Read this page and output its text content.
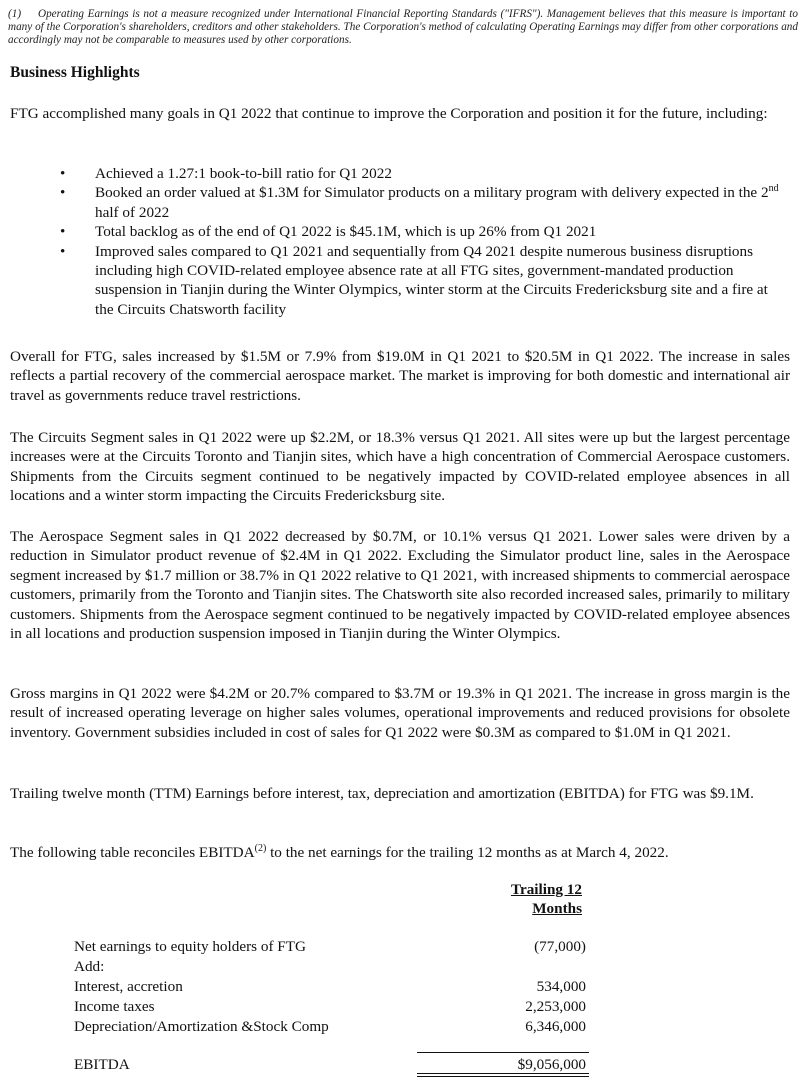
(1) Operating Earnings is not a measure recognized under International Financial Reporting Standards ("IFRS"). Management believes that this measure is important to many of the Corporation's shareholders, creditors and other stakeholders. The Corporation's method of calculating Operating Earnings may differ from other corporations and accordingly may not be comparable to measures used by other corporations.
Business Highlights
FTG accomplished many goals in Q1 2022 that continue to improve the Corporation and position it for the future, including:
• Achieved a 1.27:1 book-to-bill ratio for Q1 2022
• Booked an order valued at $1.3M for Simulator products on a military program with delivery expected in the 2nd half of 2022
• Total backlog as of the end of Q1 2022 is $45.1M, which is up 26% from Q1 2021
• Improved sales compared to Q1 2021 and sequentially from Q4 2021 despite numerous business disruptions including high COVID-related employee absence rate at all FTG sites, government-mandated production suspension in Tianjin during the Winter Olympics, winter storm at the Circuits Fredericksburg site and a fire at the Circuits Chatsworth facility
Overall for FTG, sales increased by $1.5M or 7.9% from $19.0M in Q1 2021 to $20.5M in Q1 2022. The increase in sales reflects a partial recovery of the commercial aerospace market. The market is improving for both domestic and international air travel as governments reduce travel restrictions.
The Circuits Segment sales in Q1 2022 were up $2.2M, or 18.3% versus Q1 2021. All sites were up but the largest percentage increases were at the Circuits Toronto and Tianjin sites, which have a high concentration of Commercial Aerospace customers. Shipments from the Circuits segment continued to be negatively impacted by COVID-related employee absences in all locations and a winter storm impacting the Circuits Fredericksburg site.
The Aerospace Segment sales in Q1 2022 decreased by $0.7M, or 10.1% versus Q1 2021. Lower sales were driven by a reduction in Simulator product revenue of $2.4M in Q1 2022. Excluding the Simulator product line, sales in the Aerospace segment increased by $1.7 million or 38.7% in Q1 2022 relative to Q1 2021, with increased shipments to commercial aerospace customers, primarily from the Toronto and Tianjin sites. The Chatsworth site also recorded increased sales, primarily to military customers. Shipments from the Aerospace segment continued to be negatively impacted by COVID-related employee absences in all locations and production suspension imposed in Tianjin during the Winter Olympics.
Gross margins in Q1 2022 were $4.2M or 20.7% compared to $3.7M or 19.3% in Q1 2021. The increase in gross margin is the result of increased operating leverage on higher sales volumes, operational improvements and reduced provisions for obsolete inventory. Government subsidies included in cost of sales for Q1 2022 were $0.3M as compared to $1.0M in Q1 2021.
Trailing twelve month (TTM) Earnings before interest, tax, depreciation and amortization (EBITDA) for FTG was $9.1M.
The following table reconciles EBITDA$^{(2)}$ to the net earnings for the trailing 12 months as at March 4, 2022.
Trailing 12
Months
Net earnings to equity holders of FTG	(77,000)
Add:
Interest, accretion	534,000
Income taxes	2,253,000
Depreciation/Amortization &Stock Comp	6,346,000
EBITDA	$9,056,000
